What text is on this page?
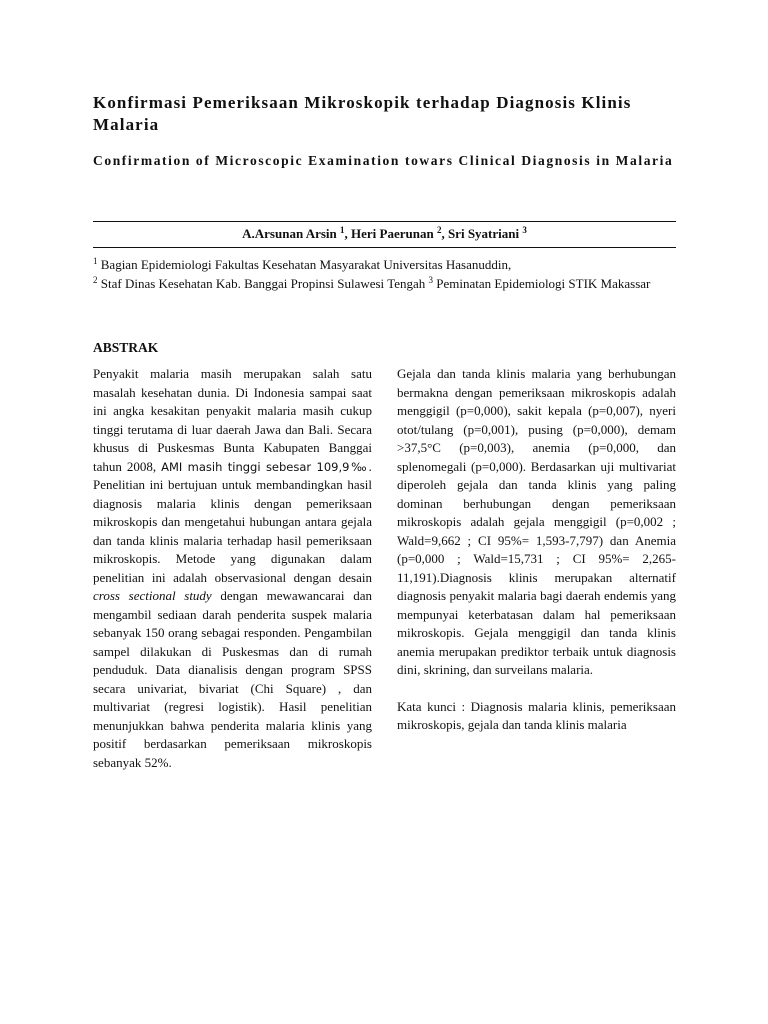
Konfirmasi Pemeriksaan Mikroskopik terhadap Diagnosis Klinis Malaria
Confirmation of Microscopic Examination towars Clinical Diagnosis in Malaria
A.Arsunan Arsin $^1$, Heri Paerunan $^2$, Sri Syatriani $^3$
$^1$ Bagian Epidemiologi Fakultas Kesehatan Masyarakat Universitas Hasanuddin,
$^2$ Staf Dinas Kesehatan Kab. Banggai Propinsi Sulawesi Tengah $^3$ Peminatan Epidemiologi STIK Makassar
ABSTRAK

Penyakit malaria masih merupakan salah satu masalah kesehatan dunia. Di Indonesia sampai saat ini angka kesakitan penyakit malaria masih cukup tinggi terutama di luar daerah Jawa dan Bali. Secara khusus di Puskesmas Bunta Kabupaten Banggai tahun 2008, AMI masih tinggi sebesar 109,9‰. Penelitian ini bertujuan untuk membandingkan hasil diagnosis malaria klinis dengan pemeriksaan mikroskopis dan mengetahui hubungan antara gejala dan tanda klinis malaria terhadap hasil pemeriksaan mikroskopis. Metode yang digunakan dalam penelitian ini adalah observasional dengan desain cross sectional study dengan mewawancarai dan mengambil sediaan darah penderita suspek malaria sebanyak 150 orang sebagai responden. Pengambilan sampel dilakukan di Puskesmas dan di rumah penduduk. Data dianalisis dengan program SPSS secara univariat, bivariat (Chi Square) , dan multivariat (regresi logistik). Hasil penelitian menunjukkan bahwa penderita malaria klinis yang positif berdasarkan pemeriksaan mikroskopis sebanyak 52%.

Gejala dan tanda klinis malaria yang berhubungan bermakna dengan pemeriksaan mikroskopis adalah menggigil (p=0,000), sakit kepala (p=0,007), nyeri otot/tulang (p=0,001), pusing (p=0,000), demam >37,5°C (p=0,003), anemia (p=0,000, dan splenomegali (p=0,000). Berdasarkan uji multivariat diperoleh gejala dan tanda klinis yang paling dominan berhubungan dengan pemeriksaan mikroskopis adalah gejala menggigil (p=0,002 ; Wald=9,662 ; CI 95%= 1,593-7,797) dan Anemia (p=0,000 ; Wald=15,731 ; CI 95%= 2,265-11,191).Diagnosis klinis merupakan alternatif diagnosis penyakit malaria bagi daerah endemis yang mempunyai keterbatasan dalam hal pemeriksaan mikroskopis. Gejala menggigil dan tanda klinis anemia merupakan prediktor terbaik untuk diagnosis dini, skrining, dan surveilans malaria.

Kata kunci : Diagnosis malaria klinis, pemeriksaan mikroskopis, gejala dan tanda klinis malaria
